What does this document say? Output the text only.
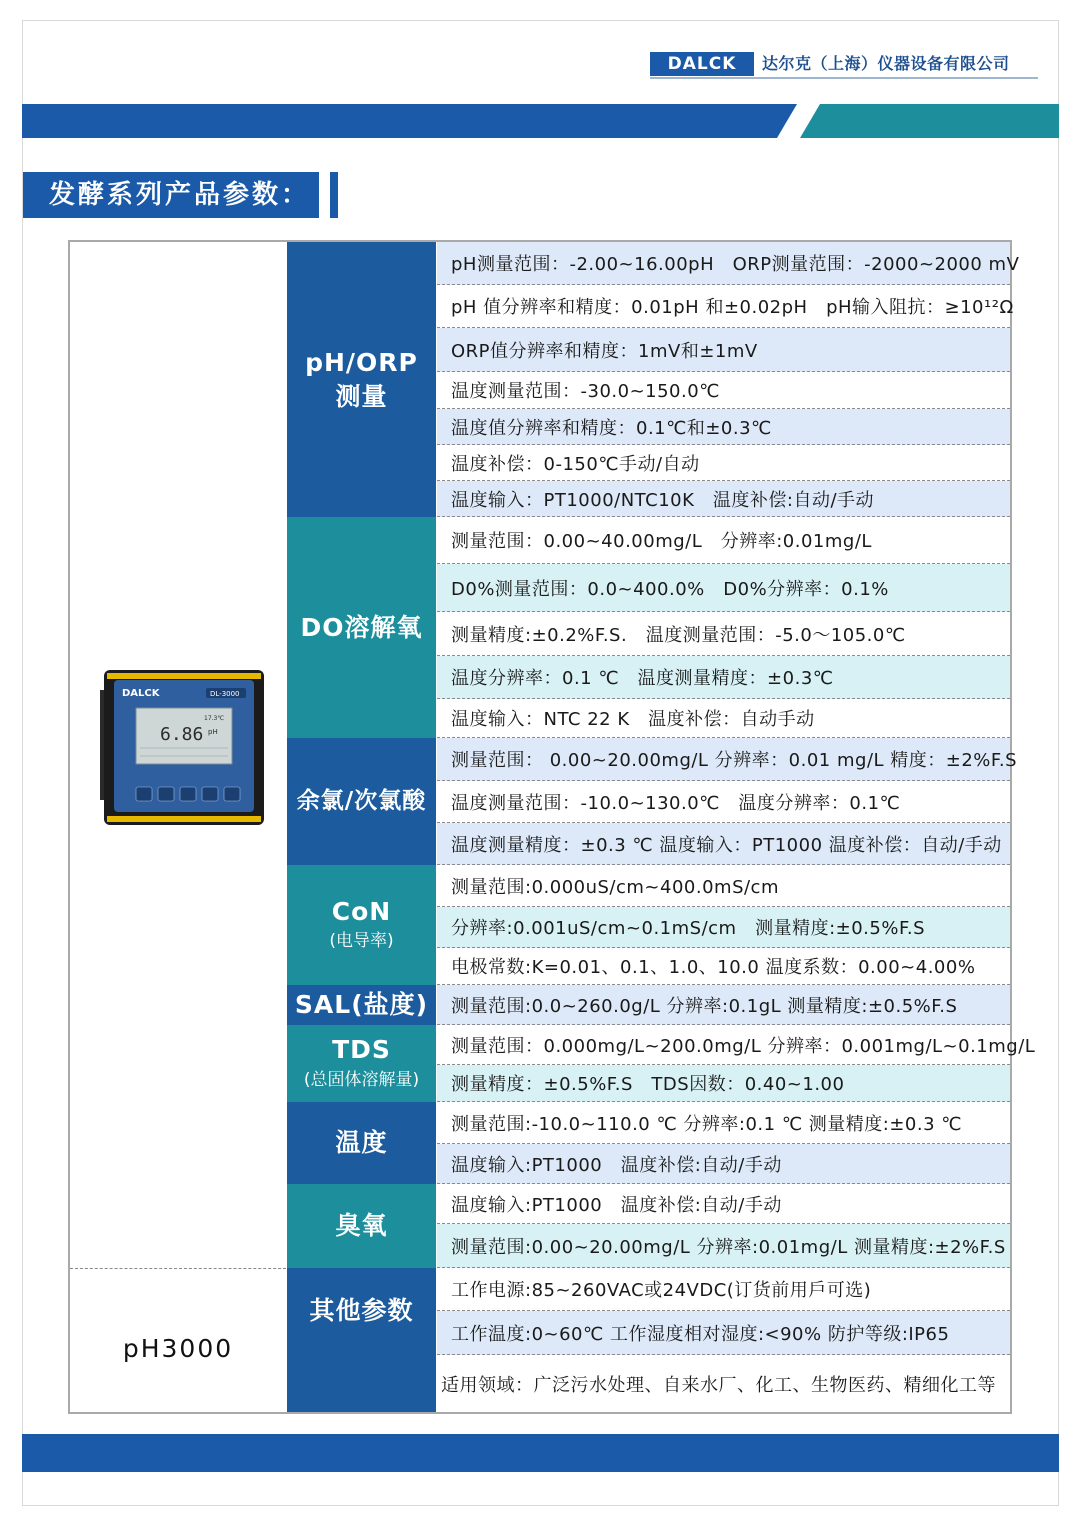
DALCK	达尔克（上海）仪器设备有限公司
发酵系列产品参数：
DALCK	DL-3000
6.86 pH
17.3℃
pH3000
pH/ORP
测量
DO溶解氧
余氯/次氯酸
CoN
(电导率)
SAL(盐度)
TDS
(总固体溶解量)
温度
臭氧
其他参数
pH测量范围：-2.00~16.00pH　ORP测量范围：-2000~2000 mV
pH 值分辨率和精度：0.01pH 和±0.02pH　pH输入阻抗：≥10¹²Ω
ORP值分辨率和精度：1mV和±1mV
温度测量范围：-30.0~150.0℃
温度值分辨率和精度：0.1℃和±0.3℃
温度补偿：0-150℃手动/自动
温度输入：PT1000/NTC10K　温度补偿:自动/手动
测量范围：0.00~40.00mg/L　分辨率:0.01mg/L
D0%测量范围：0.0~400.0%　D0%分辨率：0.1%
测量精度:±0.2%F.S.　温度测量范围：-5.0～105.0℃
温度分辨率：0.1 ℃　温度测量精度：±0.3℃
温度输入：NTC 22 K　温度补偿：自动手动
测量范围： 0.00~20.00mg/L 分辨率：0.01 mg/L 精度：±2%F.S
温度测量范围：-10.0~130.0℃　温度分辨率：0.1℃
温度测量精度：±0.3 ℃ 温度输入：PT1000 温度补偿：自动/手动
测量范围:0.000uS/cm~400.0mS/cm
分辨率:0.001uS/cm~0.1mS/cm　测量精度:±0.5%F.S
电极常数:K=0.01、0.1、1.0、10.0 温度系数：0.00~4.00%
测量范围:0.0~260.0g/L 分辨率:0.1gL 测量精度:±0.5%F.S
测量范围：0.000mg/L~200.0mg/L 分辨率：0.001mg/L~0.1mg/L
测量精度：±0.5%F.S　TDS因数：0.40~1.00
测量范围:-10.0~110.0 ℃ 分辨率:0.1 ℃ 测量精度:±0.3 ℃
温度输入:PT1000　温度补偿:自动/手动
温度输入:PT1000　温度补偿:自动/手动
测量范围:0.00~20.00mg/L 分辨率:0.01mg/L 测量精度:±2%F.S
工作电源:85~260VAC或24VDC(订货前用戶可选)
工作温度:0~60℃ 工作湿度相对湿度:<90% 防护等级:IP65
适用领域：广泛污水处理、自来水厂、化工、生物医药、精细化工等
